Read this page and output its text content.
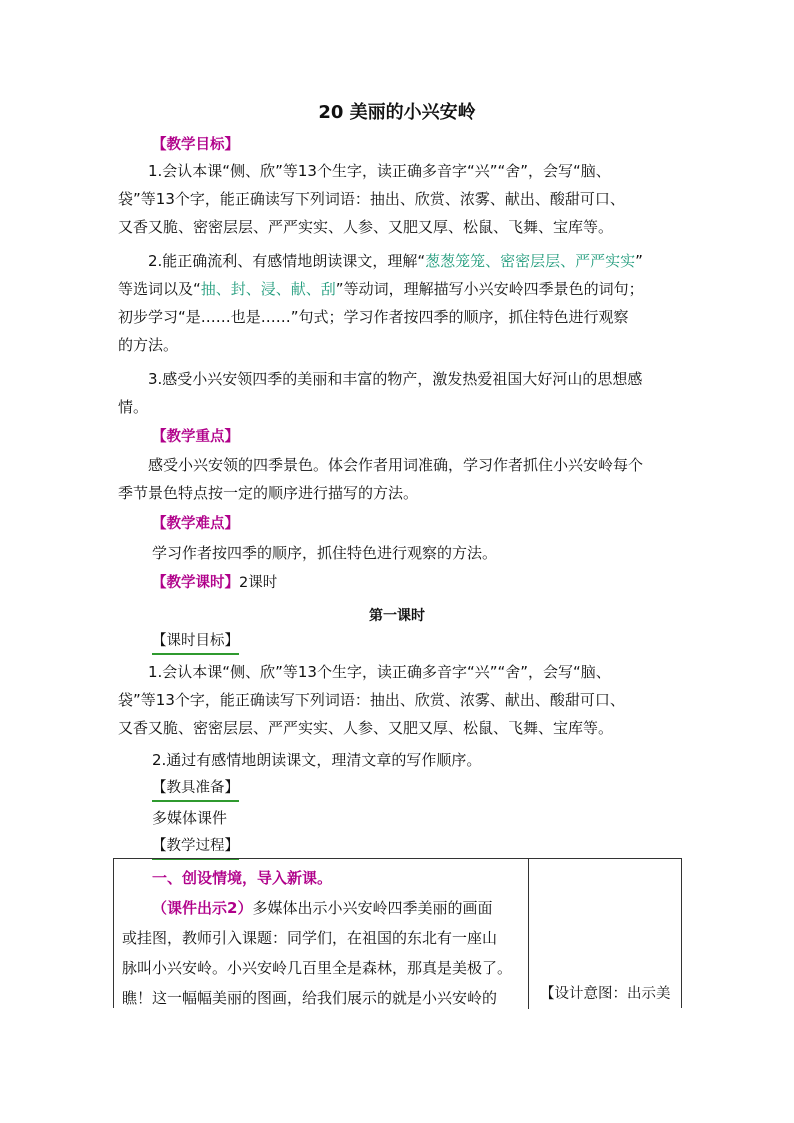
20 美丽的小兴安岭
【教学目标】
1.会认本课“侧、欣”等13个生字，读正确多音字“兴”“舍”，会写“脑、
袋”等13个字，能正确读写下列词语：抽出、欣赏、浓雾、献出、酸甜可口、
又香又脆、密密层层、严严实实、人参、又肥又厚、松鼠、飞舞、宝库等。
2.能正确流利、有感情地朗读课文，理解“葱葱笼笼、密密层层、严严实实”
等选词以及“抽、封、浸、献、刮”等动词，理解描写小兴安岭四季景色的词句；
初步学习“是……也是……”句式；学习作者按四季的顺序，抓住特色进行观察
的方法。
3.感受小兴安领四季的美丽和丰富的物产，激发热爱祖国大好河山的思想感
情。
【教学重点】
感受小兴安领的四季景色。体会作者用词准确，学习作者抓住小兴安岭每个
季节景色特点按一定的顺序进行描写的方法。
【教学难点】
学习作者按四季的顺序，抓住特色进行观察的方法。
【教学课时】2课时
第一课时
【课时目标】
1.会认本课“侧、欣”等13个生字，读正确多音字“兴”“舍”，会写“脑、
袋”等13个字，能正确读写下列词语：抽出、欣赏、浓雾、献出、酸甜可口、
又香又脆、密密层层、严严实实、人参、又肥又厚、松鼠、飞舞、宝库等。
2.通过有感情地朗读课文，理清文章的写作顺序。
【教具准备】
多媒体课件
【教学过程】
一、创设情境，导入新课。
（课件出示2）多媒体出示小兴安岭四季美丽的画面
或挂图，教师引入课题：同学们，在祖国的东北有一座山
脉叫小兴安岭。小兴安岭几百里全是森林，那真是美极了。
瞧！这一幅幅美丽的图画，给我们展示的就是小兴安岭的	【设计意图：出示美
